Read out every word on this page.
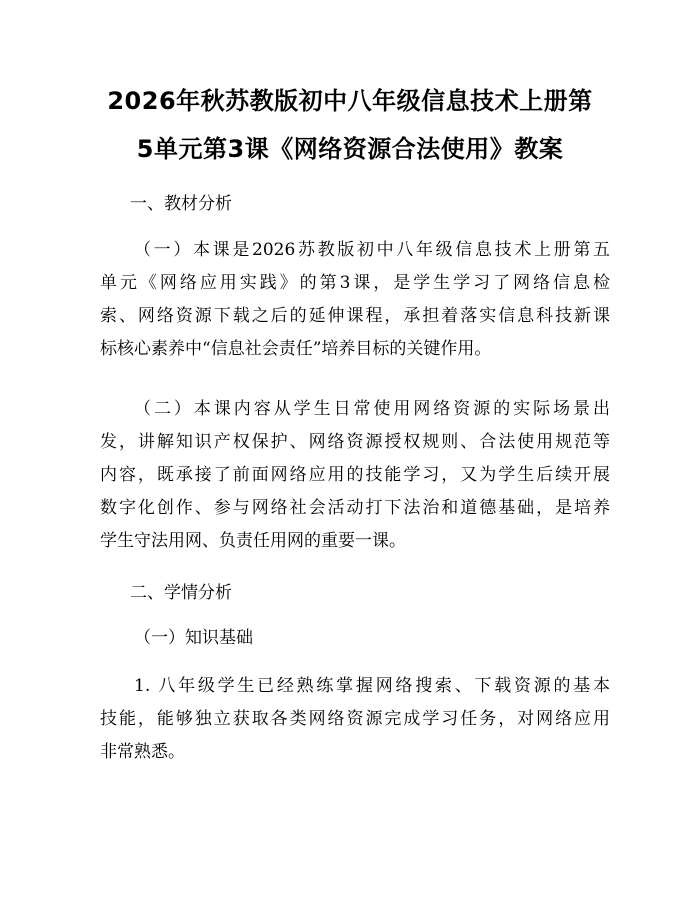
2026年秋苏教版初中八年级信息技术上册第
5单元第3课《网络资源合法使用》教案
一、教材分析
（一）本课是2026苏教版初中八年级信息技术上册第五
单元《网络应用实践》的第3课，是学生学习了网络信息检
索、网络资源下载之后的延伸课程，承担着落实信息科技新课
标核心素养中“信息社会责任”培养目标的关键作用。
（二）本课内容从学生日常使用网络资源的实际场景出
发，讲解知识产权保护、网络资源授权规则、合法使用规范等
内容，既承接了前面网络应用的技能学习，又为学生后续开展
数字化创作、参与网络社会活动打下法治和道德基础，是培养
学生守法用网、负责任用网的重要一课。
二、学情分析
（一）知识基础
1. 八年级学生已经熟练掌握网络搜索、下载资源的基本
技能，能够独立获取各类网络资源完成学习任务，对网络应用
非常熟悉。
